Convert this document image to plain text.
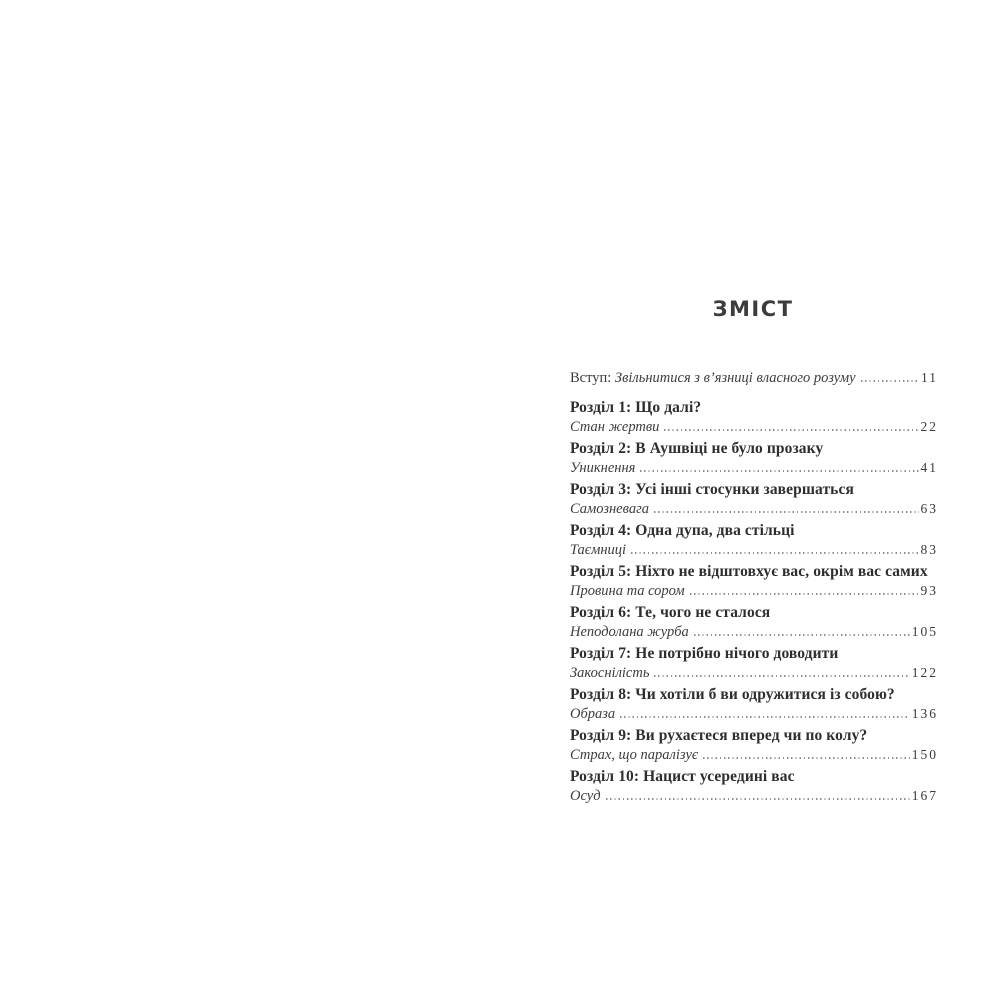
ЗМІСТ
Вступ: Звільнитися з в’язниці власного розуму	11
Розділ 1: Що далі?
Стан жертви	22
Розділ 2: В Аушвіці не було прозаку
Уникнення	41
Розділ 3: Усі інші стосунки завершаться
Самозневага	63
Розділ 4: Одна дупа, два стільці
Таємниці	83
Розділ 5: Ніхто не відштовхує вас, окрім вас самих
Провина та сором	93
Розділ 6: Те, чого не сталося
Неподолана журба	105
Розділ 7: Не потрібно нічого доводити
Закоснілість	122
Розділ 8: Чи хотіли б ви одружитися із собою?
Образа	136
Розділ 9: Ви рухаєтеся вперед чи по колу?
Страх, що паралізує	150
Розділ 10: Нацист усередині вас
Осуд	167
